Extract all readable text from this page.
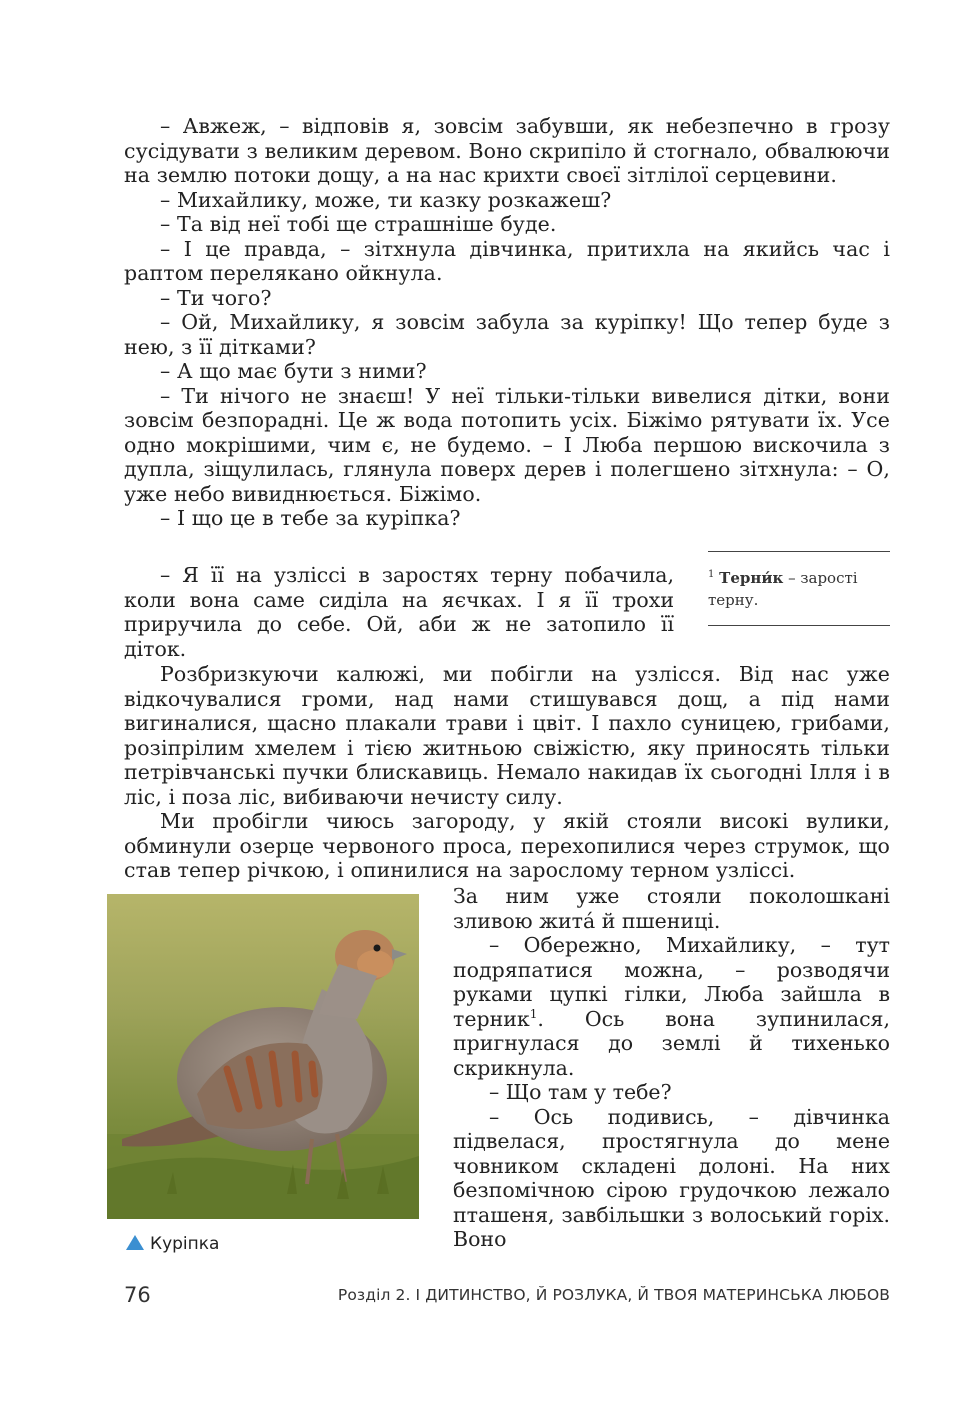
– Авжеж, – відповів я, зовсім забувши, як небезпечно в грозу сусідувати з великим деревом. Воно скрипіло й стогнало, обвалюючи на землю потоки дощу, а на нас крихти своєї зітлілої серцевини.

– Михайлику, може, ти казку розкажеш?

– Та від неї тобі ще страшніше буде.

– І це правда, – зітхнула дівчинка, притихла на якийсь час і раптом перелякано ойкнула.

– Ти чого?

– Ой, Михайлику, я зовсім забула за куріпку! Що тепер буде з нею, з її дітками?

– А що має бути з ними?

– Ти нічого не знаєш! У неї тільки-тільки вивелися дітки, вони зовсім безпорадні. Це ж вода потопить усіх. Біжімо рятувати їх. Усе одно мокрішими, чим є, не будемо. – І Люба першою вискочила з дупла, зіщулилась, глянула поверх дерев і полегшено зітхнула: – О, уже небо вивиднюється. Біжімо.

– І що це в тебе за куріпка?

– Я її на узліссі в заростях терну побачила, коли вона саме сиділа на яєчках. І я її трохи приручила до себе. Ой, аби ж не затопило її діток.

$^1$ Терни́к – зарості терну.

Розбризкуючи калюжі, ми побігли на узлісся. Від нас уже відкочувалися громи, над нами стишувався дощ, а під нами вигиналися, щасно плакали трави і цвіт. І пахло суницею, грибами, розіпрілим хмелем і тією житньою свіжістю, яку приносять тільки петрівчанські пучки блискавиць. Немало накидав їх сьогодні Ілля і в ліс, і поза ліс, вибиваючи нечисту силу.

Ми пробігли чиюсь загороду, у якій стояли високі вулики, обминули озерце червоного проса, перехопилися через струмок, що став тепер річкою, і опинилися на зарослому терном узліссі.

За ним уже стояли поколошкані зливою жита́ й пшениці.

– Обережно, Михайлику, – тут подряпатися можна, – розводячи руками цупкі гілки, Люба зайшла в терник$^1$. Ось вона зупинилася, пригнулася до землі й тихенько скрикнула.

– Що там у тебе?

– Ось подивись, – дівчинка підвелася, простягнула до мене човником складені долоні. На них безпомічною сірою грудочкою лежало пташеня, завбільшки з волоський горіх. Воно

Куріпка
76	Розділ 2. І ДИТИНСТВО, Й РОЗЛУКА, Й ТВОЯ МАТЕРИНСЬКА ЛЮБОВ
